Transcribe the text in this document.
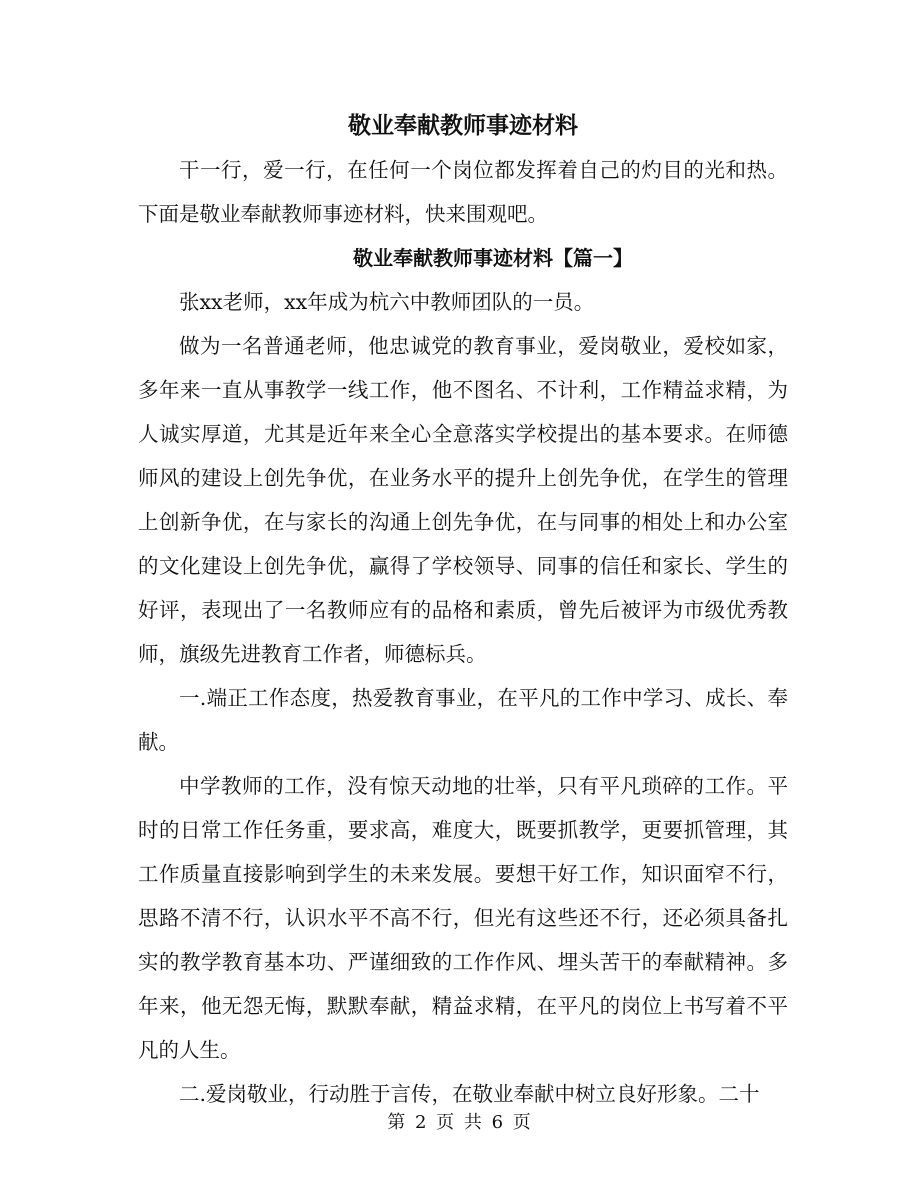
敬业奉献教师事迹材料

干一行，爱一行，在任何一个岗位都发挥着自己的灼目的光和热。下面是敬业奉献教师事迹材料，快来围观吧。

敬业奉献教师事迹材料【篇一】

张xx老师，xx年成为杭六中教师团队的一员。

做为一名普通老师，他忠诚党的教育事业，爱岗敬业，爱校如家，多年来一直从事教学一线工作，他不图名、不计利，工作精益求精，为人诚实厚道，尤其是近年来全心全意落实学校提出的基本要求。在师德师风的建设上创先争优，在业务水平的提升上创先争优，在学生的管理上创新争优，在与家长的沟通上创先争优，在与同事的相处上和办公室的文化建设上创先争优，赢得了学校领导、同事的信任和家长、学生的好评，表现出了一名教师应有的品格和素质，曾先后被评为市级优秀教师，旗级先进教育工作者，师德标兵。

一.端正工作态度，热爱教育事业，在平凡的工作中学习、成长、奉献。

中学教师的工作，没有惊天动地的壮举，只有平凡琐碎的工作。平时的日常工作任务重，要求高，难度大，既要抓教学，更要抓管理，其工作质量直接影响到学生的未来发展。要想干好工作，知识面窄不行，思路不清不行，认识水平不高不行，但光有这些还不行，还必须具备扎实的教学教育基本功、严谨细致的工作作风、埋头苦干的奉献精神。多年来，他无怨无悔，默默奉献，精益求精，在平凡的岗位上书写着不平凡的人生。

二.爱岗敬业，行动胜于言传，在敬业奉献中树立良好形象。二十

第 2 页 共 6 页
